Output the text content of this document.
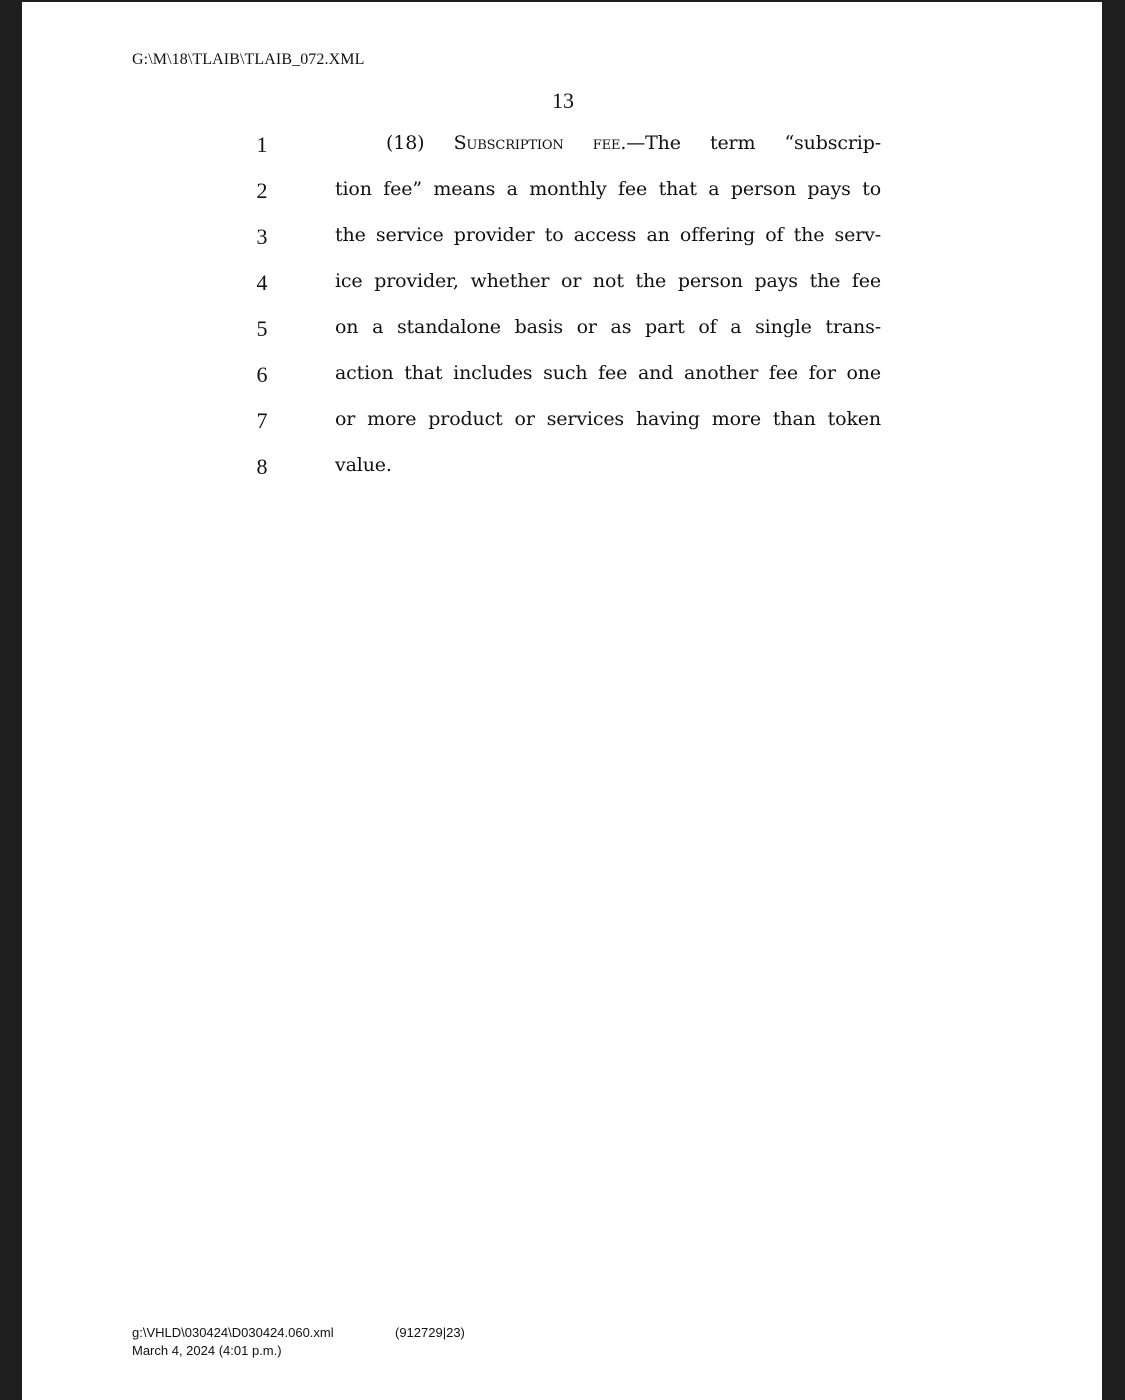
G:\M\18\TLAIB\TLAIB_072.XML
13
1	(18) Subscription fee.—The term “subscrip-
2	tion fee” means a monthly fee that a person pays to
3	the service provider to access an offering of the serv-
4	ice provider, whether or not the person pays the fee
5	on a standalone basis or as part of a single trans-
6	action that includes such fee and another fee for one
7	or more product or services having more than token
8	value.
g:\VHLD\030424\D030424.060.xml
March 4, 2024 (4:01 p.m.)
(912729|23)
